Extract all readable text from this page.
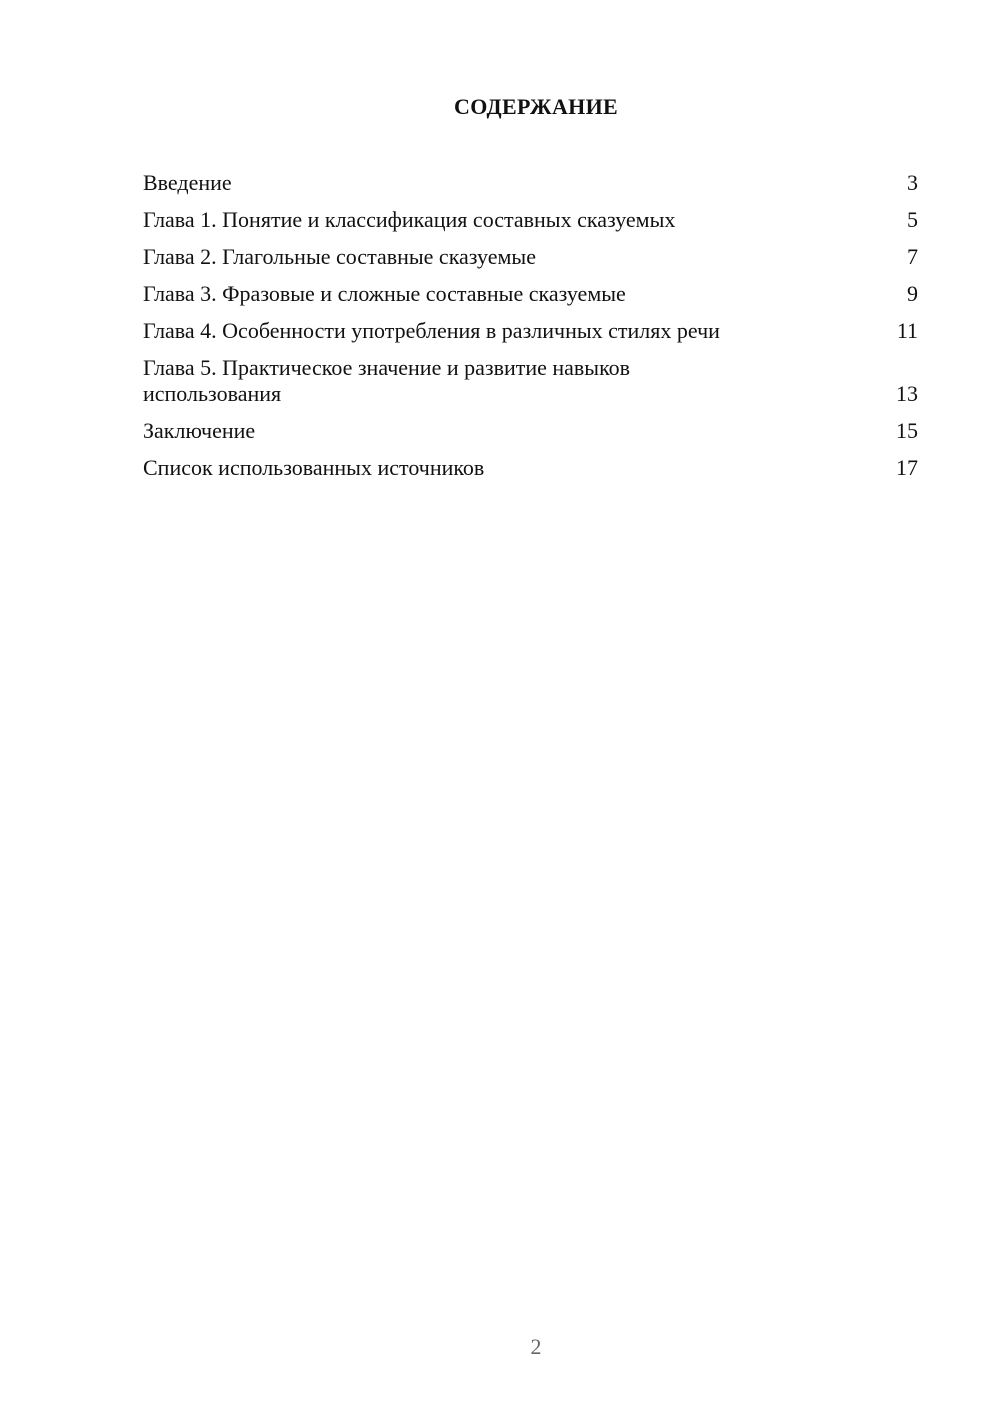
СОДЕРЖАНИЕ
Введение	3
Глава 1. Понятие и классификация составных сказуемых	5
Глава 2. Глагольные составные сказуемые	7
Глава 3. Фразовые и сложные составные сказуемые	9
Глава 4. Особенности употребления в различных стилях речи	11
Глава 5. Практическое значение и развитие навыков использования	13
Заключение	15
Список использованных источников	17
2
